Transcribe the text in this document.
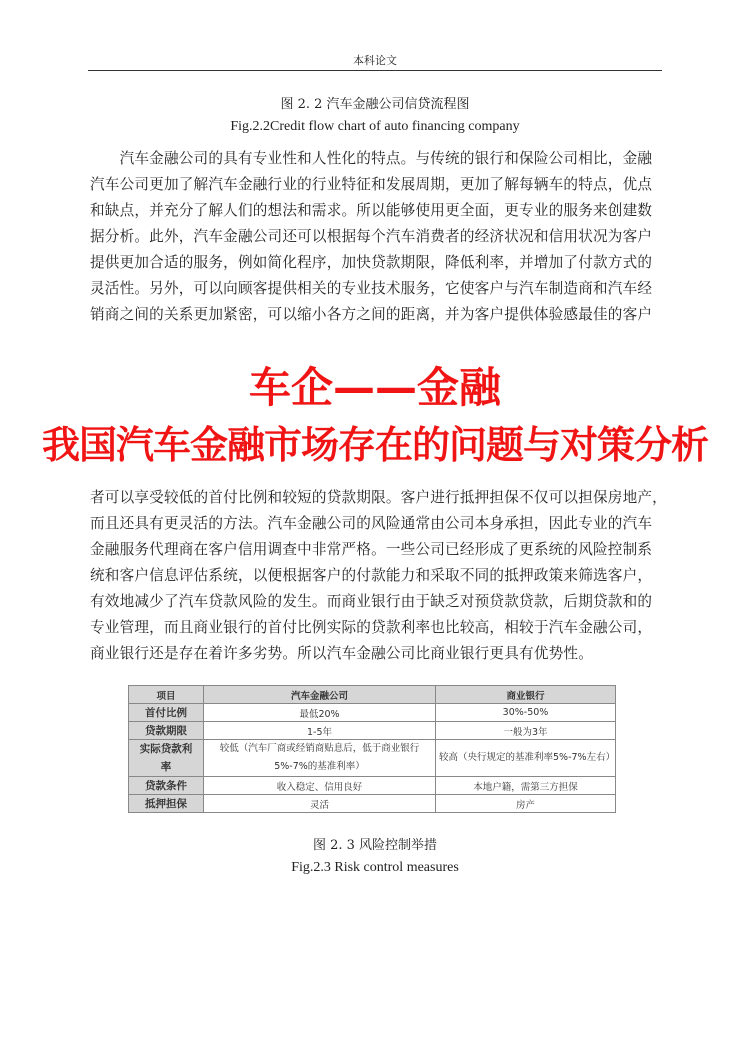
本科论文
图 2. 2 汽车金融公司信贷流程图
Fig.2.2Credit flow chart of auto financing company
　　汽车金融公司的具有专业性和人性化的特点。与传统的银行和保险公司相比，金融
汽车公司更加了解汽车金融行业的行业特征和发展周期，更加了解每辆车的特点，优点
和缺点，并充分了解人们的想法和需求。所以能够使用更全面，更专业的服务来创建数
据分析。此外，汽车金融公司还可以根据每个汽车消费者的经济状况和信用状况为客户
提供更加合适的服务，例如简化程序，加快贷款期限，降低利率，并增加了付款方式的
灵活性。另外，可以向顾客提供相关的专业技术服务，它使客户与汽车制造商和汽车经
销商之间的关系更加紧密，可以缩小各方之间的距离，并为客户提供体验感最佳的客户
车企——金融
我国汽车金融市场存在的问题与对策分析
者可以享受较低的首付比例和较短的贷款期限。客户进行抵押担保不仅可以担保房地产，
而且还具有更灵活的方法。汽车金融公司的风险通常由公司本身承担，因此专业的汽车
金融服务代理商在客户信用调查中非常严格。一些公司已经形成了更系统的风险控制系
统和客户信息评估系统，以便根据客户的付款能力和采取不同的抵押政策来筛选客户，
有效地减少了汽车贷款风险的发生。而商业银行由于缺乏对预贷款贷款，后期贷款和的
专业管理，而且商业银行的首付比例实际的贷款利率也比较高，相较于汽车金融公司，
商业银行还是存在着许多劣势。所以汽车金融公司比商业银行更具有优势性。
项目	汽车金融公司	商业银行
首付比例	最低20%	30%-50%
贷款期限	1-5年	一般为3年
实际贷款利率	较低（汽车厂商或经销商贴息后，低于商业银行5%-7%的基准利率）	较高（央行规定的基准利率5%-7%左右）
贷款条件	收入稳定、信用良好	本地户籍，需第三方担保
抵押担保	灵活	房产
图 2. 3 风险控制举措
Fig.2.3 Risk control measures
